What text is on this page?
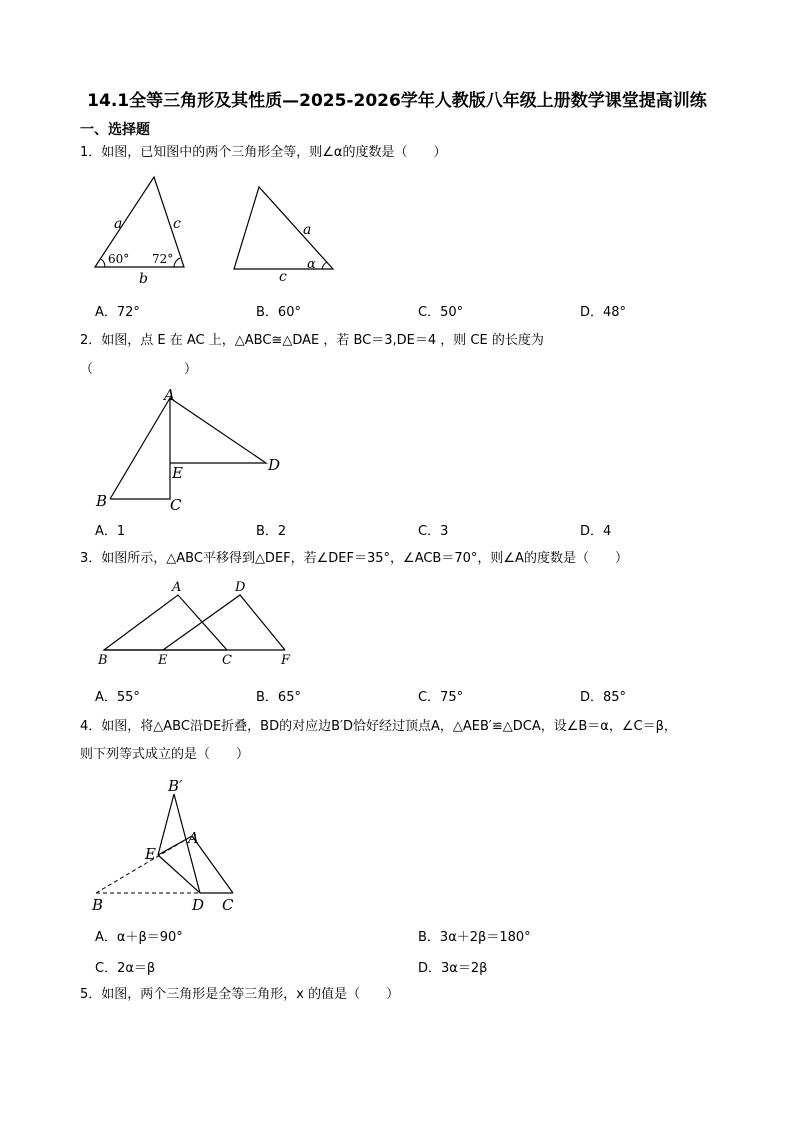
14.1全等三角形及其性质—2025-2026学年人教版八年级上册数学课堂提高训练
一、选择题
1．如图，已知图中的两个三角形全等，则∠α的度数是（　　）
a	c
b
60° 72°
a
c
α
A．72°	B．60°	C．50°	D．48°
2．如图，点 E 在 AC 上，△ABC≅△DAE ，若 BC＝3,DE＝4 ，则 CE 的长度为
（　　　　　　　）
A
B	C
D
E
A．1	B．2	C．3	D．4
3．如图所示，△ABC平移得到△DEF，若∠DEF＝35°，∠ACB＝70°，则∠A的度数是（　　）
A	D
B	E	C	F
A．55°	B．65°	C．75°	D．85°
4．如图，将△ABC沿DE折叠，BD的对应边B′D恰好经过顶点A，△AEB′≌△DCA，设∠B＝α，∠C＝β，
则下列等式成立的是（　　）
B′
A
E
B	D C
A．α＋β＝90°	B．3α＋2β＝180°
C．2α＝β	D．3α＝2β
5．如图，两个三角形是全等三角形，x 的值是（　　）
